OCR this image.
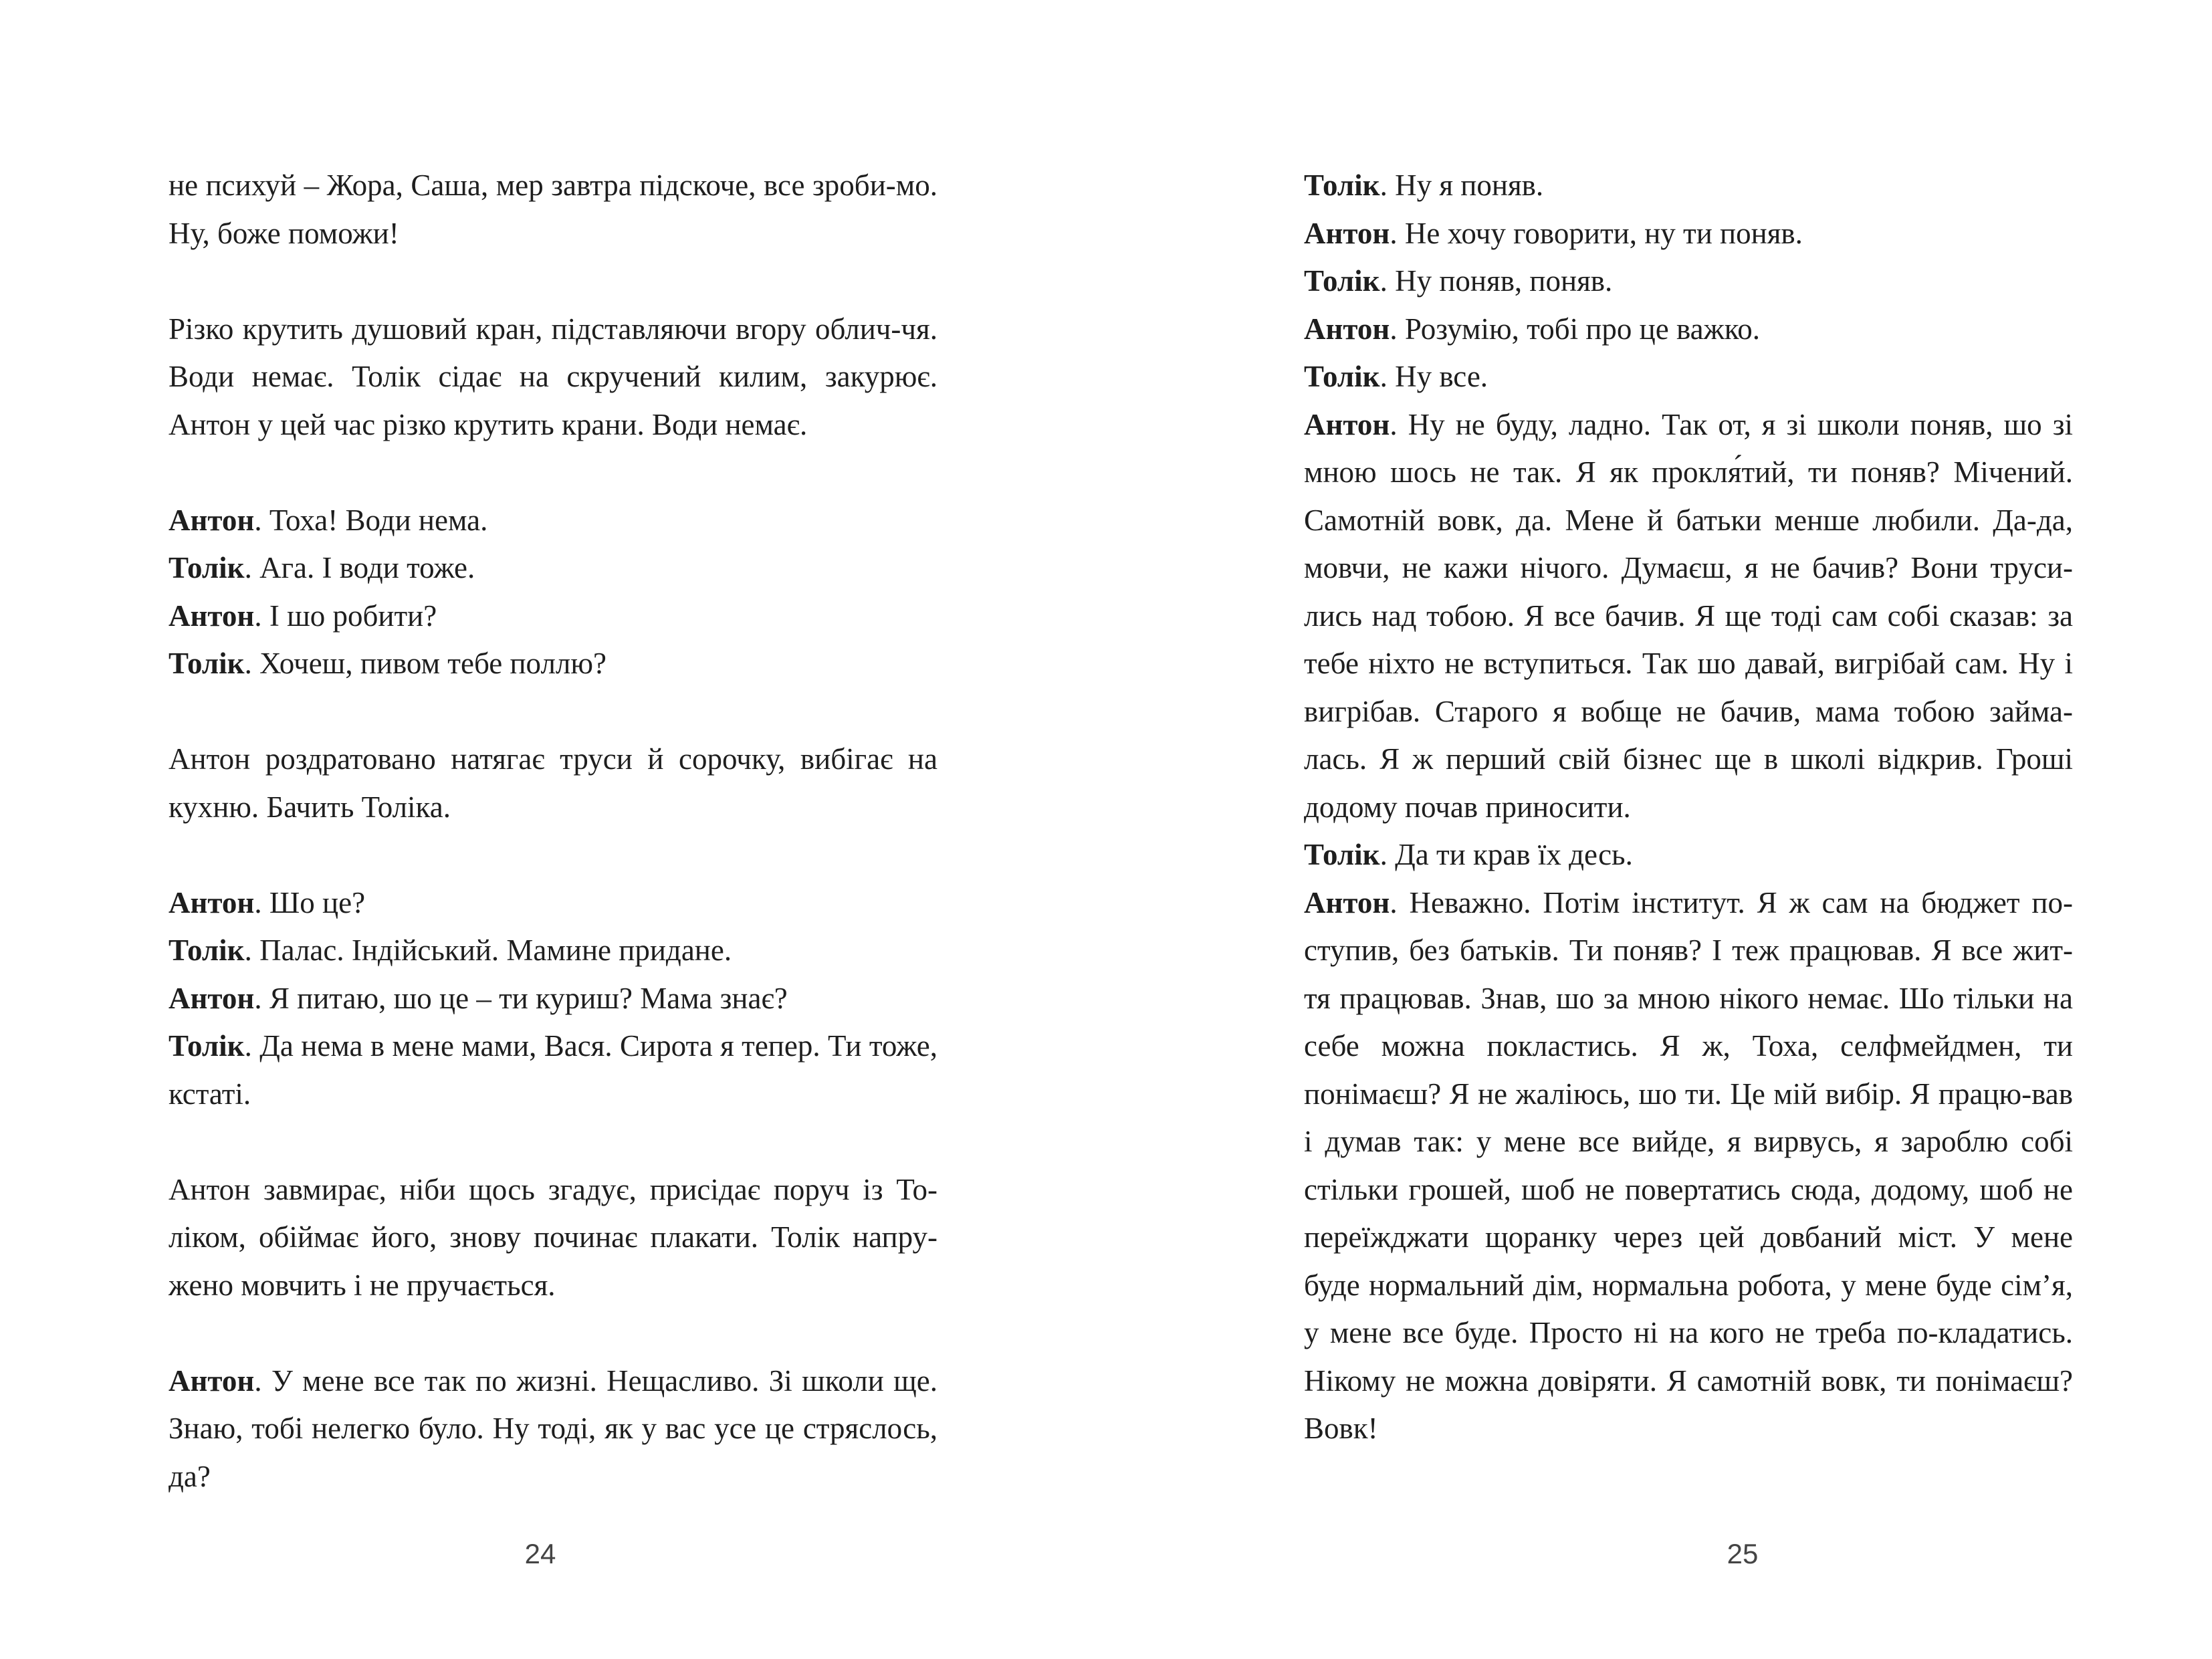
не психуй – Жора, Саша, мер завтра підскоче, все зроби-мо. Ну, боже поможи!

Різко крутить душовий кран, підставляючи вгору облич-чя. Води немає. Толік сідає на скручений килим, закурює. Антон у цей час різко крутить крани. Води немає.

Антон. Тоха! Води нема.

Толік. Ага. І води тоже.

Антон. І шо робити?

Толік. Хочеш, пивом тебе поллю?

Антон роздратовано натягає труси й сорочку, вибігає на кухню. Бачить Толіка.

Антон. Шо це?

Толік. Палас. Індійський. Мамине придане.

Антон. Я питаю, шо це – ти куриш? Мама знає?

Толік. Да нема в мене мами, Вася. Сирота я тепер. Ти тоже, кстаті.

Антон завмирає, ніби щось згадує, присідає поруч із То-ліком, обіймає його, знову починає плакати. Толік напру-жено мовчить і не пручається.

Антон. У мене все так по жизні. Нещасливо. Зі школи ще. Знаю, тобі нелегко було. Ну тоді, як у вас усе це стряслось, да?

24

Толік. Ну я поняв.

Антон. Не хочу говорити, ну ти поняв.

Толік. Ну поняв, поняв.

Антон. Розумію, тобі про це важко.

Толік. Ну все.

Антон. Ну не буду, ладно. Так от, я зі школи поняв, шо зі мною шось не так. Я як прокля́тий, ти поняв? Мічений. Самотній вовк, да. Мене й батьки менше любили. Да-да, мовчи, не кажи нічого. Думаєш, я не бачив? Вони труси-лись над тобою. Я все бачив. Я ще тоді сам собі сказав: за тебе ніхто не вступиться. Так шо давай, вигрібай сам. Ну і вигрібав. Старого я вобще не бачив, мама тобою займа-лась. Я ж перший свій бізнес ще в школі відкрив. Гроші додому почав приносити.

Толік. Да ти крав їх десь.

Антон. Неважно. Потім інститут. Я ж сам на бюджет по-ступив, без батьків. Ти поняв? І теж працював. Я все жит-тя працював. Знав, шо за мною нікого немає. Шо тільки на себе можна покластись. Я ж, Тоха, селфмейдмен, ти понімаєш? Я не жаліюсь, шо ти. Це мій вибір. Я працю-вав і думав так: у мене все вийде, я вирвусь, я зароблю собі стільки грошей, шоб не повертатись сюда, додому, шоб не переїжджати щоранку через цей довбаний міст. У мене буде нормальний дім, нормальна робота, у мене буде сім’я, у мене все буде. Просто ні на кого не треба по-кладатись. Нікому не можна довіряти. Я самотній вовк, ти понімаєш? Вовк!

25
